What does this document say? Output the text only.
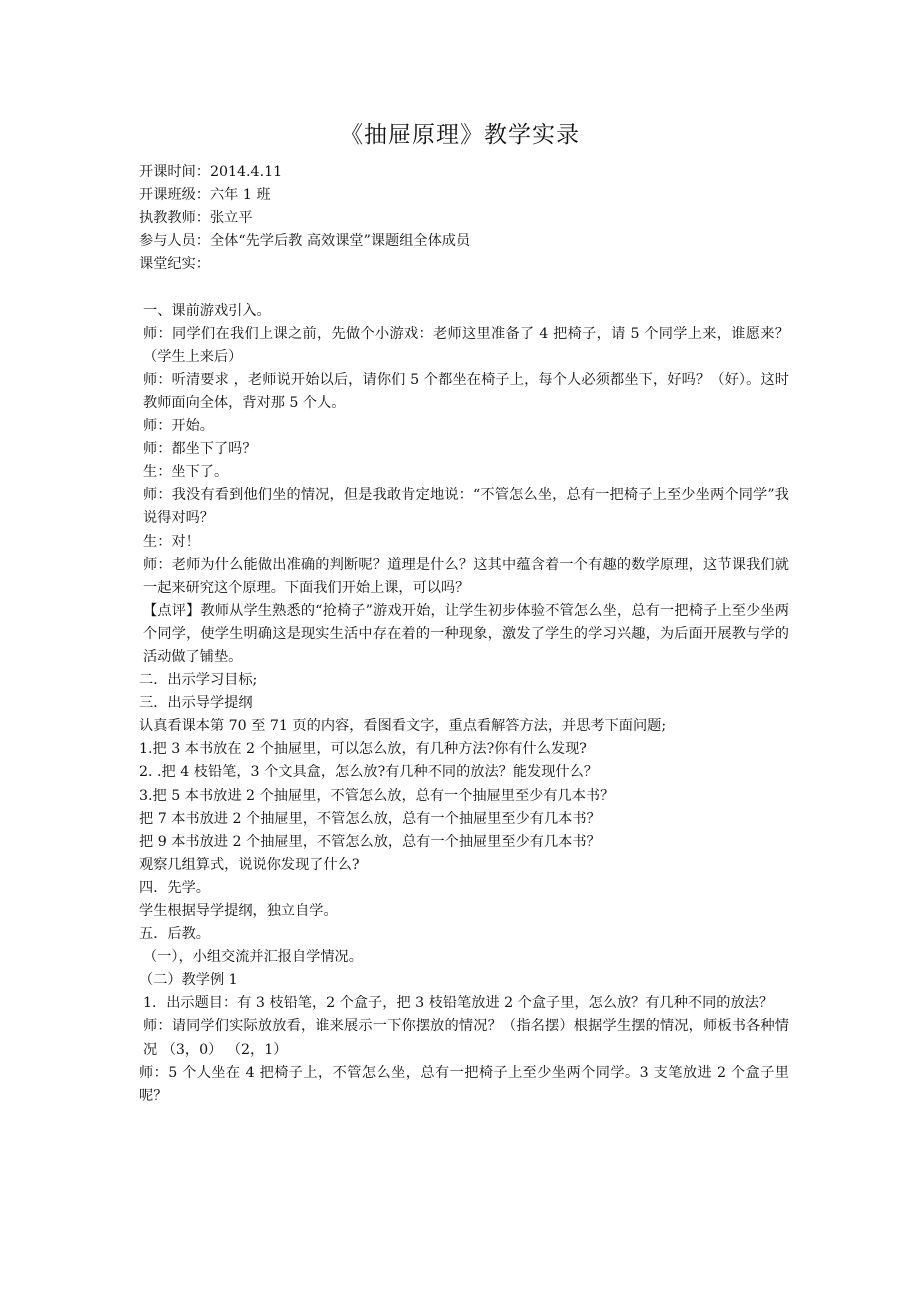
《抽屉原理》教学实录

开课时间：2014.4.11

开课班级：六年 1 班

执教教师：张立平

参与人员：全体“先学后教 高效课堂”课题组全体成员

课堂纪实：

一、课前游戏引入。

师：同学们在我们上课之前，先做个小游戏：老师这里准备了 4 把椅子，请 5 个同学上来，谁愿来？（学生上来后）

师：听清要求 ，老师说开始以后，请你们 5 个都坐在椅子上，每个人必须都坐下，好吗？（好）。这时教师面向全体，背对那 5 个人。

师：开始。

师：都坐下了吗？

生：坐下了。

师：我没有看到他们坐的情况，但是我敢肯定地说：“不管怎么坐，总有一把椅子上至少坐两个同学”我说得对吗？

生：对！

师：老师为什么能做出准确的判断呢？道理是什么？这其中蕴含着一个有趣的数学原理，这节课我们就一起来研究这个原理。下面我们开始上课，可以吗？

【点评】教师从学生熟悉的“抢椅子”游戏开始，让学生初步体验不管怎么坐，总有一把椅子上至少坐两个同学，使学生明确这是现实生活中存在着的一种现象，激发了学生的学习兴趣，为后面开展教与学的活动做了铺垫。

二．出示学习目标;

三．出示导学提纲

认真看课本第 70 至 71 页的内容，看图看文字，重点看解答方法，并思考下面问题;

1.把 3 本书放在 2 个抽屉里，可以怎么放，有几种方法?你有什么发现?

2. .把 4 枝铅笔，3 个文具盒，怎么放?有几种不同的放法？能发现什么？

3.把 5 本书放进 2 个抽屉里，不管怎么放，总有一个抽屉里至少有几本书？

把 7 本书放进 2 个抽屉里，不管怎么放，总有一个抽屉里至少有几本书？

把 9 本书放进 2 个抽屉里，不管怎么放，总有一个抽屉里至少有几本书？

观察几组算式，说说你发现了什么?

四．先学。

学生根据导学提纲，独立自学。

五．后教。

（一），小组交流并汇报自学情况。

（二）教学例 1

1．出示题目：有 3 枝铅笔，2 个盒子，把 3 枝铅笔放进 2 个盒子里，怎么放？有几种不同的放法？

师：请同学们实际放放看，谁来展示一下你摆放的情况？（指名摆）根据学生摆的情况，师板书各种情况 （3，0） （2，1）

师：5 个人坐在 4 把椅子上，不管怎么坐，总有一把椅子上至少坐两个同学。3 支笔放进 2 个盒子里呢？
